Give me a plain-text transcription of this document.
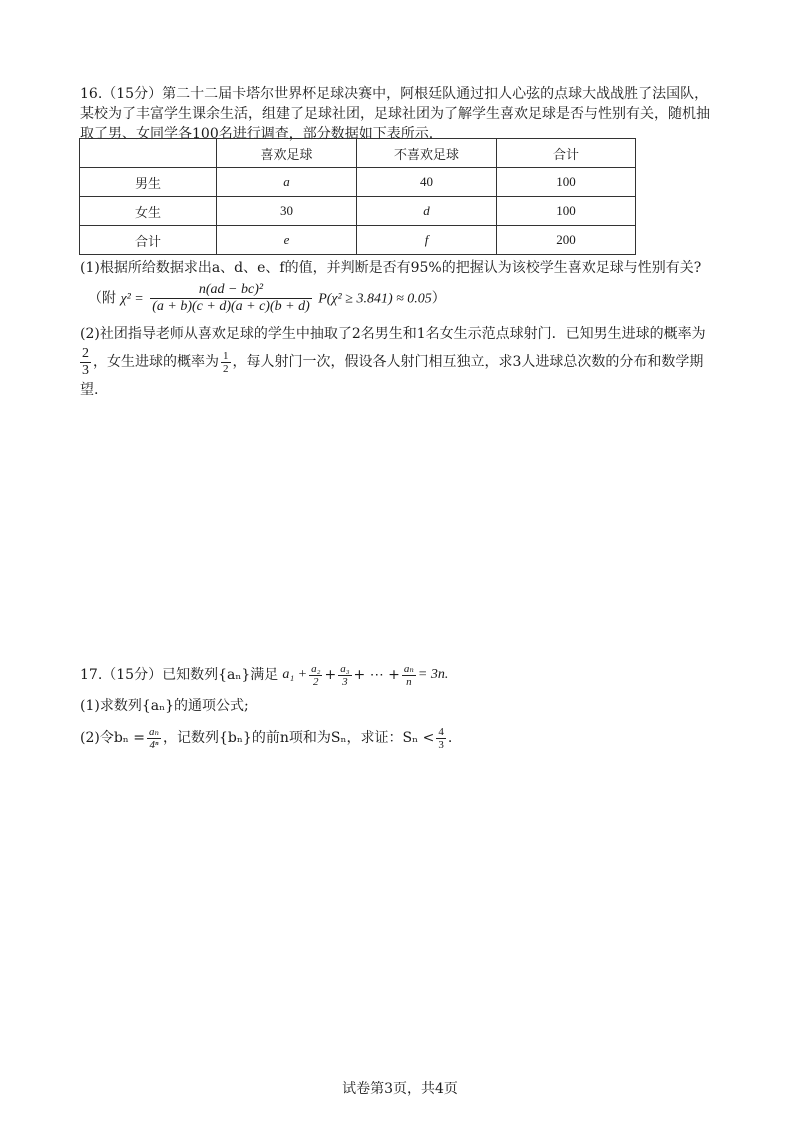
16.（15分）第二十二届卡塔尔世界杯足球决赛中，阿根廷队通过扣人心弦的点球大战战胜了法国队，
某校为了丰富学生课余生活，组建了足球社团，足球社团为了解学生喜欢足球是否与性别有关，随机抽
取了男、女同学各100名进行调查，部分数据如下表所示.
	喜欢足球	不喜欢足球	合计
男生	a	40	100
女生	30	d	100
合计	e	f	200
(1)根据所给数据求出a、d、e、f的值，并判断是否有95%的把握认为该校学生喜欢足球与性别有关?
（附 $\chi^2 = \frac{\text{n(ad − bc)²}}{(a + b)(c + d)(a + c)(b + d)} P(\chi^2 \ge 3.841) \approx 0.05$）
(2)社团指导老师从喜欢足球的学生中抽取了2名男生和1名女生示范点球射门．已知男生进球的概率为
$\frac{2}{3}$ ，女生进球的概率为 $\frac{1}{2}$ ，每人射门一次，假设各人射门相互独立，求3人进球总次数的分布和数学期
望.
17.（15分） 已知数列{aₙ}满足 $a_1 + \frac{\text{a₂}}{2} + \frac{\text{a₃}}{3}$ + ⋯ + $\frac{\text{aₙ}}{n} = 3n$.
(1)求数列{aₙ}的通项公式;
(2)令$b_n = \frac{\text{aₙ}}{\text{4ⁿ}}$ ，记数列{bₙ}的前n项和为Sₙ，求证：$S_n < \frac{4}{3}$ .
试卷第3页，共4页
